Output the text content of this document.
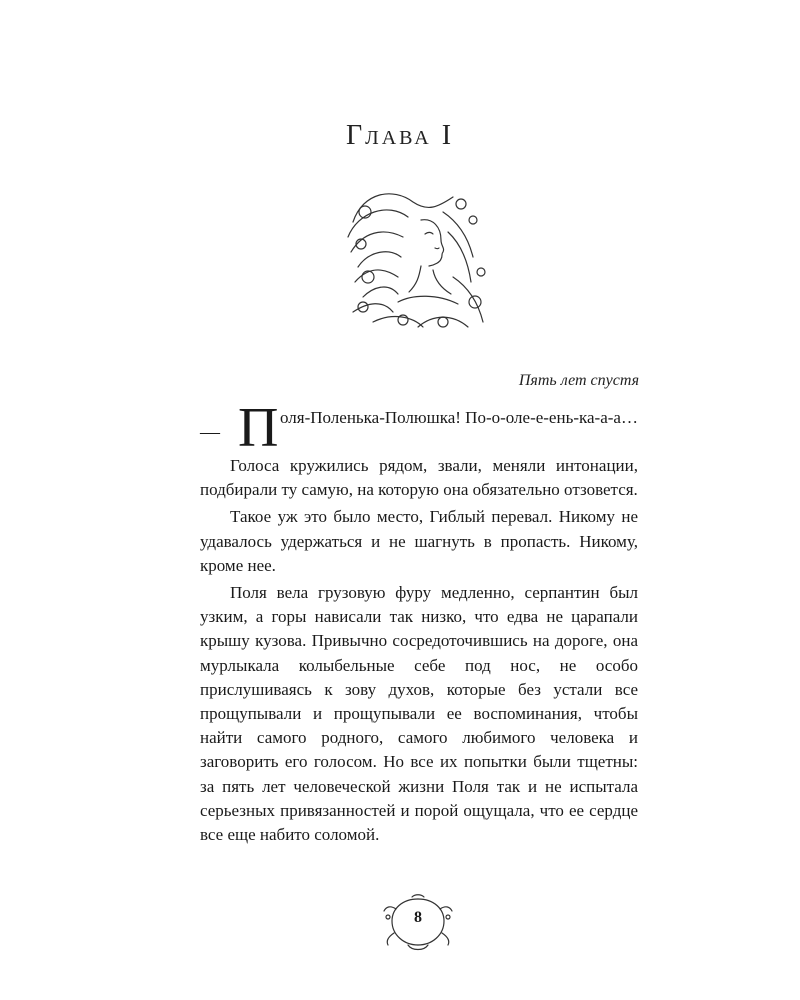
Глава I
Пять лет спустя
— П оля-Поленька-Полюшка! По-о-оле-е-ень-ка-а-а…

Голоса кружились рядом, звали, меняли интонации, подбирали ту самую, на которую она обязательно отзовется.

Такое уж это было место, Гиблый перевал. Никому не удавалось удержаться и не шагнуть в пропасть. Никому, кроме нее.

Поля вела грузовую фуру медленно, серпантин был узким, а горы нависали так низко, что едва не царапали крышу кузова. Привычно сосредоточившись на дороге, она мурлыкала колыбельные себе под нос, не особо прислушиваясь к зову духов, которые без устали все прощупывали и прощупывали ее воспоминания, чтобы найти самого родного, самого любимого человека и заговорить его голосом. Но все их попытки были тщетны: за пять лет человеческой жизни Поля так и не испытала серьезных привязанностей и порой ощущала, что ее сердце все еще набито соломой.

8
